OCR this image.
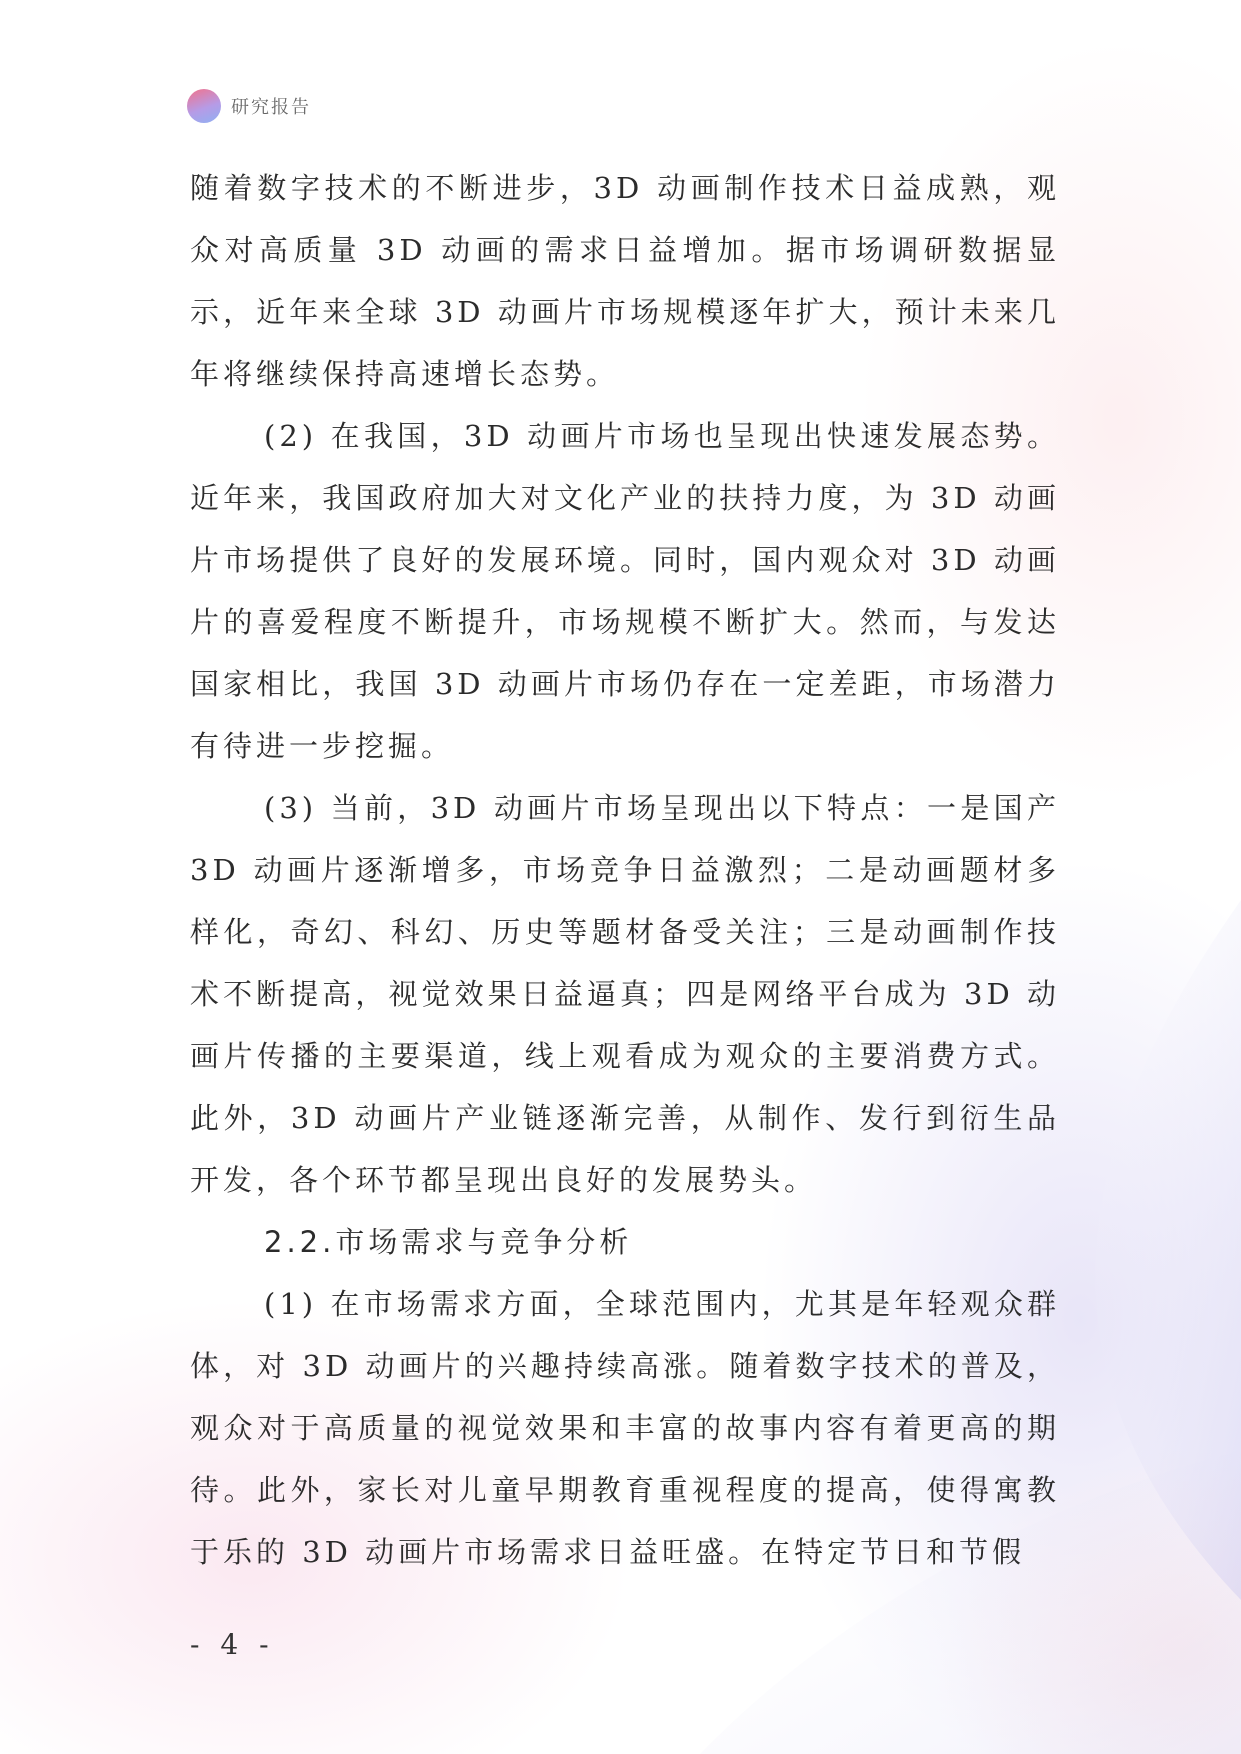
研究报告

随着数字技术的不断进步，3D 动画制作技术日益成熟，观众对高质量 3D 动画的需求日益增加。据市场调研数据显示，近年来全球 3D 动画片市场规模逐年扩大，预计未来几年将继续保持高速增长态势。

(2) 在我国，3D 动画片市场也呈现出快速发展态势。近年来，我国政府加大对文化产业的扶持力度，为 3D 动画片市场提供了良好的发展环境。同时，国内观众对 3D 动画片的喜爱程度不断提升，市场规模不断扩大。然而，与发达国家相比，我国 3D 动画片市场仍存在一定差距，市场潜力有待进一步挖掘。

(3) 当前，3D 动画片市场呈现出以下特点：一是国产 3D 动画片逐渐增多，市场竞争日益激烈；二是动画题材多样化，奇幻、科幻、历史等题材备受关注；三是动画制作技术不断提高，视觉效果日益逼真；四是网络平台成为 3D 动画片传播的主要渠道，线上观看成为观众的主要消费方式。此外，3D 动画片产业链逐渐完善，从制作、发行到衍生品开发，各个环节都呈现出良好的发展势头。

2.2.市场需求与竞争分析

(1) 在市场需求方面，全球范围内，尤其是年轻观众群体，对 3D 动画片的兴趣持续高涨。随着数字技术的普及，观众对于高质量的视觉效果和丰富的故事内容有着更高的期待。此外，家长对儿童早期教育重视程度的提高，使得寓教于乐的 3D 动画片市场需求日益旺盛。在特定节日和节假

- 4 -
